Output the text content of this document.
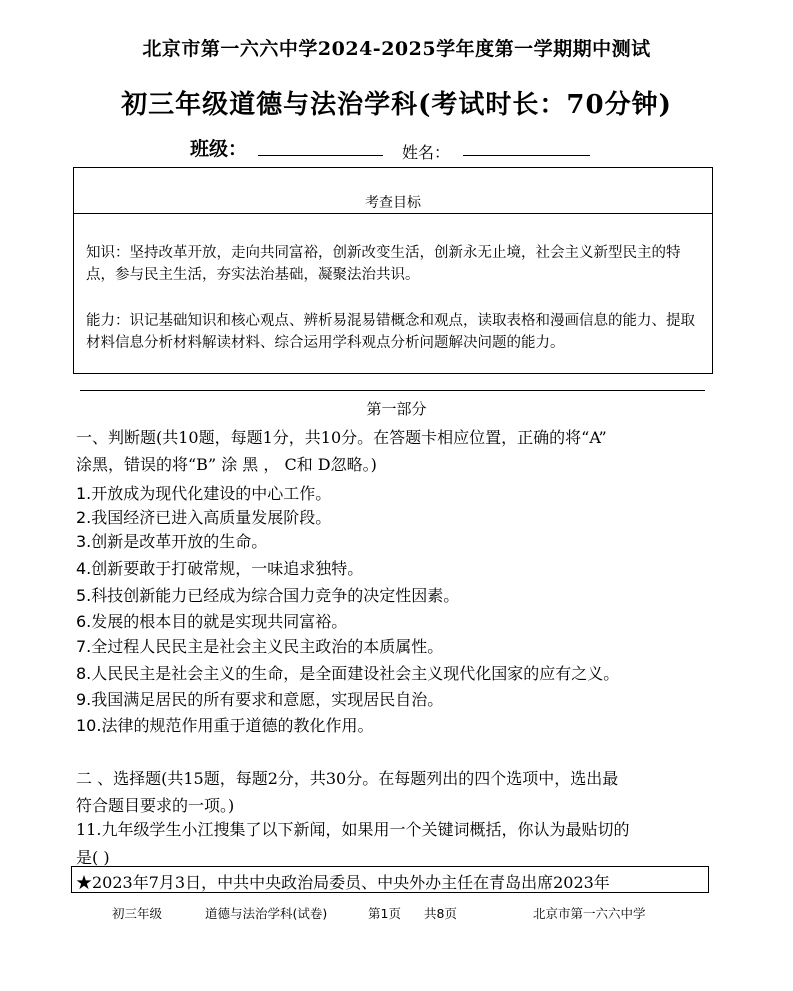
北京市第一六六中学2024-2025学年度第一学期期中测试
初三年级道德与法治学科(考试时长：70分钟)
班级：	姓名：
考查目标
知识：坚持改革开放，走向共同富裕，创新改变生活，创新永无止境，社会主义新型民主的特点，参与民主生活，夯实法治基础，凝聚法治共识。
能力：识记基础知识和核心观点、辨析易混易错概念和观点，读取表格和漫画信息的能力、提取材料信息分析材料解读材料、综合运用学科观点分析问题解决问题的能力。
第一部分
一、判断题(共10题，每题1分，共10分。在答题卡相应位置，正确的将“A”
涂黑，错误的将“B” 涂 黑 ， C和 D忽略。)
1.开放成为现代化建设的中心工作。
2.我国经济已进入高质量发展阶段。
3.创新是改革开放的生命。
4.创新要敢于打破常规，一味追求独特。
5.科技创新能力已经成为综合国力竞争的决定性因素。
6.发展的根本目的就是实现共同富裕。
7.全过程人民民主是社会主义民主政治的本质属性。
8.人民民主是社会主义的生命，是全面建设社会主义现代化国家的应有之义。
9.我国满足居民的所有要求和意愿，实现居民自治。
10.法律的规范作用重于道德的教化作用。
二 、选择题(共15题，每题2分，共30分。在每题列出的四个选项中，选出最
符合题目要求的一项。)
11.九年级学生小江搜集了以下新闻，如果用一个关键词概括，你认为最贴切的
是( )
★2023年7月3日，中共中央政治局委员、中央外办主任在青岛出席2023年
初三年级	道德与法治学科(试卷)	第1页 共8页	北京市第一六六中学
